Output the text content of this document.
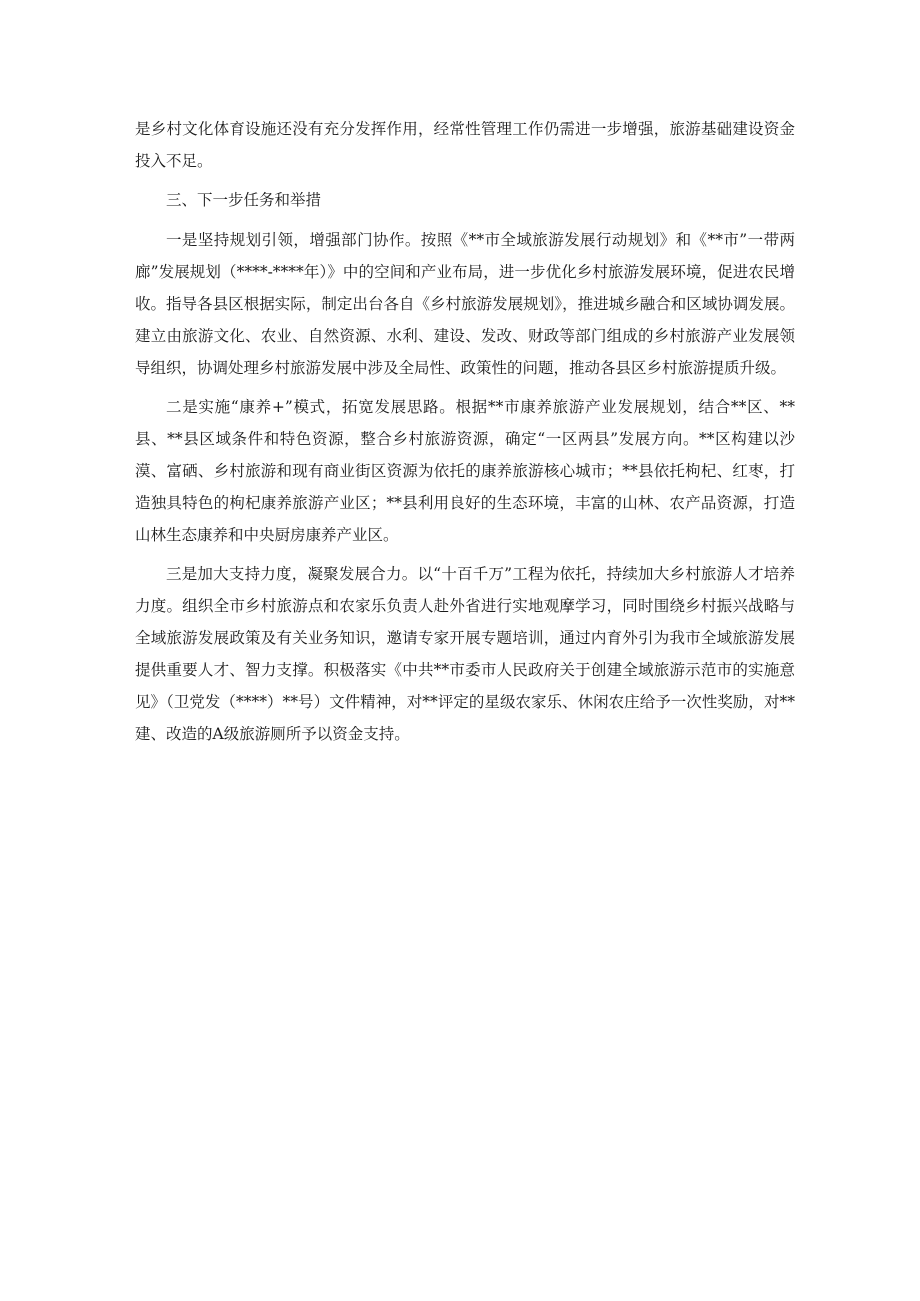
是乡村文化体育设施还没有充分发挥作用，经常性管理工作仍需进一步增强，旅游基础建设资金投入不足。

三、下一步任务和举措

一是坚持规划引领，增强部门协作。按照《**市全域旅游发展行动规划》和《**市”一带两廊”发展规划（****-****年）》中的空间和产业布局，进一步优化乡村旅游发展环境，促进农民增收。指导各县区根据实际，制定出台各自《乡村旅游发展规划》，推进城乡融合和区域协调发展。建立由旅游文化、农业、自然资源、水利、建设、发改、财政等部门组成的乡村旅游产业发展领导组织，协调处理乡村旅游发展中涉及全局性、政策性的问题，推动各县区乡村旅游提质升级。

二是实施“康养+”模式，拓宽发展思路。根据**市康养旅游产业发展规划，结合**区、**县、**县区域条件和特色资源，整合乡村旅游资源，确定“一区两县”发展方向。**区构建以沙漠、富硒、乡村旅游和现有商业街区资源为依托的康养旅游核心城市；**县依托枸杞、红枣，打造独具特色的枸杞康养旅游产业区；**县利用良好的生态环境，丰富的山林、农产品资源，打造山林生态康养和中央厨房康养产业区。

三是加大支持力度，凝聚发展合力。以“十百千万”工程为依托，持续加大乡村旅游人才培养力度。组织全市乡村旅游点和农家乐负责人赴外省进行实地观摩学习，同时围绕乡村振兴战略与全域旅游发展政策及有关业务知识，邀请专家开展专题培训，通过内育外引为我市全域旅游发展提供重要人才、智力支撑。积极落实《中共**市委市人民政府关于创建全域旅游示范市的实施意见》（卫党发（****）**号）文件精神，对**评定的星级农家乐、休闲农庄给予一次性奖励，对**建、改造的A级旅游厕所予以资金支持。
